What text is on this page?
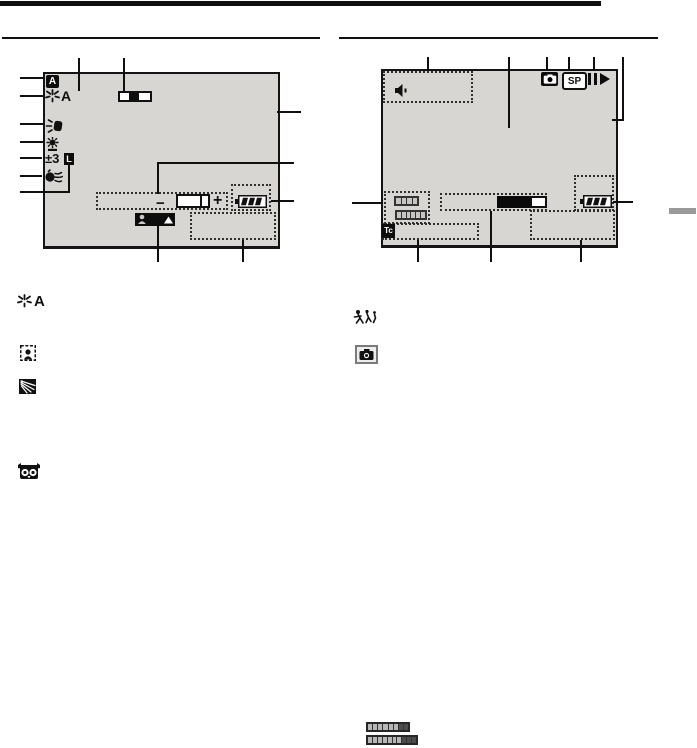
A
A
±3 L
−	+
SP
Tc
A
